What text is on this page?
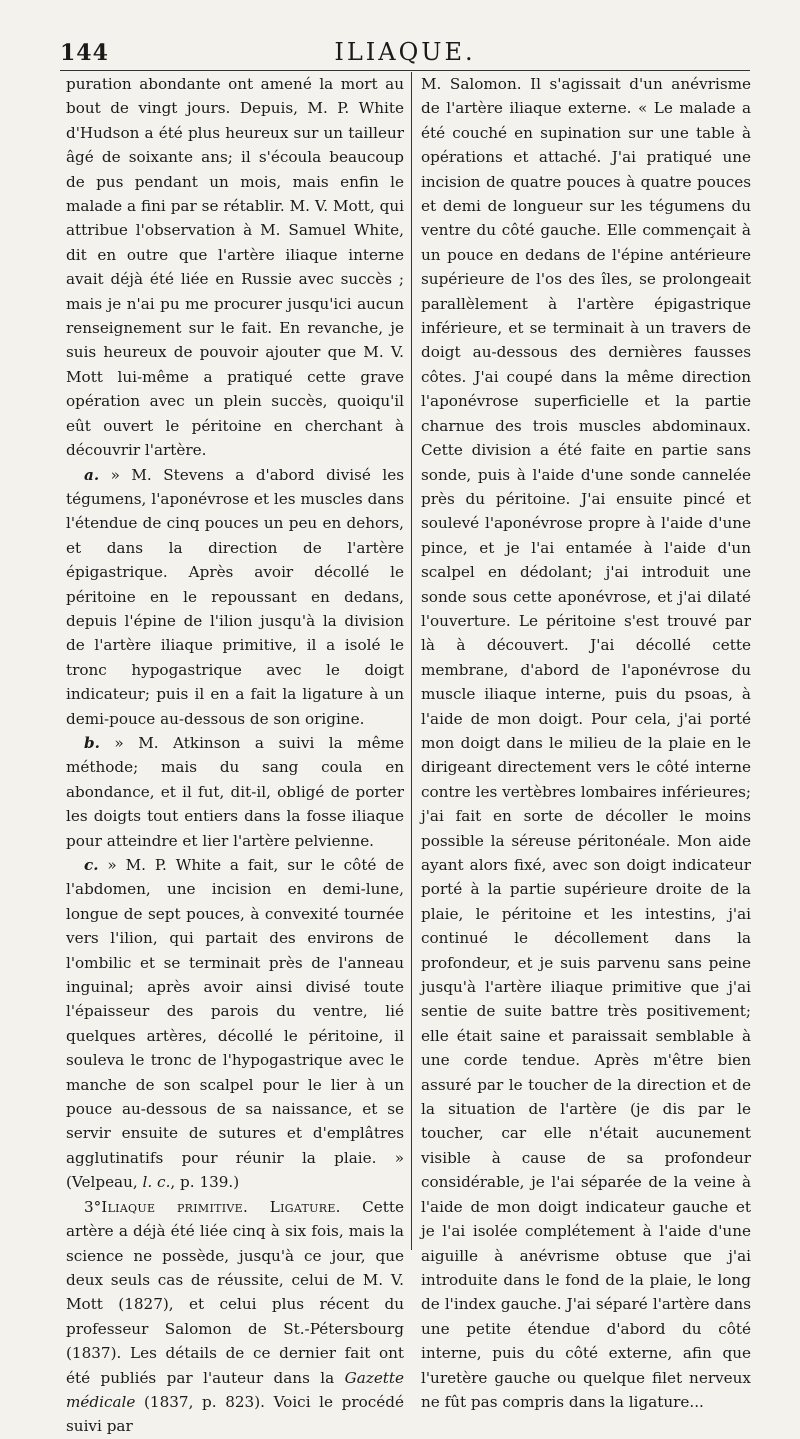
144	ILIAQUE.

puration abondante ont amené la mort au bout de vingt jours. Depuis, M. P. White d'Hudson a été plus heureux sur un tailleur âgé de soixante ans; il s'écoula beaucoup de pus pendant un mois, mais enfin le malade a fini par se rétablir. M. V. Mott, qui attribue l'observation à M. Samuel White, dit en outre que l'artère iliaque interne avait déjà été liée en Russie avec succès ; mais je n'ai pu me procurer jusqu'ici aucun renseignement sur le fait. En revanche, je suis heureux de pouvoir ajouter que M. V. Mott lui-même a pratiqué cette grave opération avec un plein succès, quoiqu'il eût ouvert le péritoine en cherchant à découvrir l'artère.

a. » M. Stevens a d'abord divisé les tégumens, l'aponévrose et les muscles dans l'étendue de cinq pouces un peu en dehors, et dans la direction de l'artère épigastrique. Après avoir décollé le péritoine en le repoussant en dedans, depuis l'épine de l'ilion jusqu'à la division de l'artère iliaque primitive, il a isolé le tronc hypogastrique avec le doigt indicateur; puis il en a fait la ligature à un demi-pouce au-dessous de son origine.

b. » M. Atkinson a suivi la même méthode; mais du sang coula en abondance, et il fut, dit-il, obligé de porter les doigts tout entiers dans la fosse iliaque pour atteindre et lier l'artère pelvienne.

c. » M. P. White a fait, sur le côté de l'abdomen, une incision en demi-lune, longue de sept pouces, à convexité tournée vers l'ilion, qui partait des environs de l'ombilic et se terminait près de l'anneau inguinal; après avoir ainsi divisé toute l'épaisseur des parois du ventre, lié quelques artères, décollé le péritoine, il souleva le tronc de l'hypogastrique avec le manche de son scalpel pour le lier à un pouce au-dessous de sa naissance, et se servir ensuite de sutures et d'emplâtres agglutinatifs pour réunir la plaie. » (Velpeau, l. c., p. 139.)

3°Iliaque primitive. Ligature. Cette artère a déjà été liée cinq à six fois, mais la science ne possède, jusqu'à ce jour, que deux seuls cas de réussite, celui de M. V. Mott (1827), et celui plus récent du professeur Salomon de St.-Pétersbourg (1837). Les détails de ce dernier fait ont été publiés par l'auteur dans la Gazette médicale (1837, p. 823). Voici le procédé suivi par

M. Salomon. Il s'agissait d'un anévrisme de l'artère iliaque externe. « Le malade a été couché en supination sur une table à opérations et attaché. J'ai pratiqué une incision de quatre pouces à quatre pouces et demi de longueur sur les tégumens du ventre du côté gauche. Elle commençait à un pouce en dedans de l'épine antérieure supérieure de l'os des îles, se prolongeait parallèlement à l'artère épigastrique inférieure, et se terminait à un travers de doigt au-dessous des dernières fausses côtes. J'ai coupé dans la même direction l'aponévrose superficielle et la partie charnue des trois muscles abdominaux. Cette division a été faite en partie sans sonde, puis à l'aide d'une sonde cannelée près du péritoine. J'ai ensuite pincé et soulevé l'aponévrose propre à l'aide d'une pince, et je l'ai entamée à l'aide d'un scalpel en dédolant; j'ai introduit une sonde sous cette aponévrose, et j'ai dilaté l'ouverture. Le péritoine s'est trouvé par là à découvert. J'ai décollé cette membrane, d'abord de l'aponévrose du muscle iliaque interne, puis du psoas, à l'aide de mon doigt. Pour cela, j'ai porté mon doigt dans le milieu de la plaie en le dirigeant directement vers le côté interne contre les vertèbres lombaires inférieures; j'ai fait en sorte de décoller le moins possible la séreuse péritonéale. Mon aide ayant alors fixé, avec son doigt indicateur porté à la partie supérieure droite de la plaie, le péritoine et les intestins, j'ai continué le décollement dans la profondeur, et je suis parvenu sans peine jusqu'à l'artère iliaque primitive que j'ai sentie de suite battre très positivement; elle était saine et paraissait semblable à une corde tendue. Après m'être bien assuré par le toucher de la direction et de la situation de l'artère (je dis par le toucher, car elle n'était aucunement visible à cause de sa profondeur considérable, je l'ai séparée de la veine à l'aide de mon doigt indicateur gauche et je l'ai isolée complétement à l'aide d'une aiguille à anévrisme obtuse que j'ai introduite dans le fond de la plaie, le long de l'index gauche. J'ai séparé l'artère dans une petite étendue d'abord du côté interne, puis du côté externe, afin que l'uretère gauche ou quelque filet nerveux ne fût pas compris dans la ligature...
